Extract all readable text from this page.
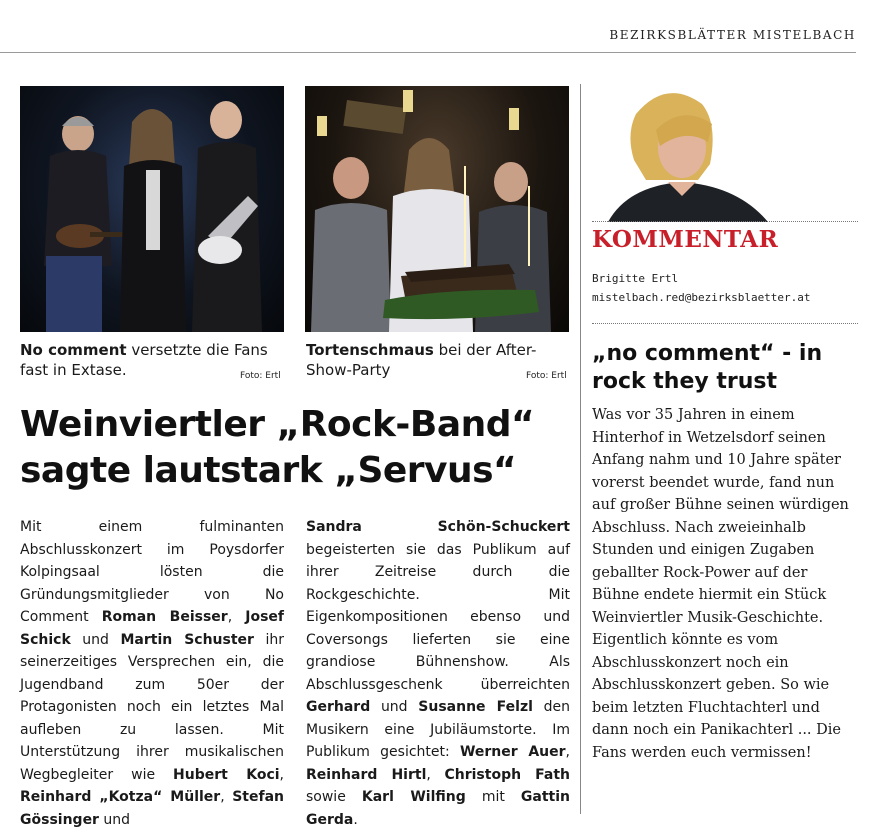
BEZIRKSBLÄTTER MISTELBACH
No comment versetzte die Fans fast in Extase.	Foto: Ertl
Tortenschmaus bei der After-Show-Party	Foto: Ertl
Weinviertler „Rock-Band“ sagte lautstark „Servus“
Mit einem fulminanten Abschlusskonzert im Poysdorfer Kolpingsaal lösten die Gründungsmitglieder von No Comment Roman Beisser, Josef Schick und Martin Schuster ihr seinerzeitiges Versprechen ein, die Jugendband zum 50er der Protagonisten noch ein letztes Mal aufleben zu lassen. Mit Unterstützung ihrer musikalischen Wegbegleiter wie Hubert Koci, Reinhard „Kotza“ Müller, Stefan Gössinger und
Sandra Schön-Schuckert begeisterten sie das Publikum auf ihrer Zeitreise durch die Rockgeschichte. Mit Eigenkompositionen ebenso und Coversongs lieferten sie eine grandiose Bühnenshow. Als Abschlussgeschenk überreichten Gerhard und Susanne Felzl den Musikern eine Jubiläumstorte. Im Publikum gesichtet: Werner Auer, Reinhard Hirtl, Christoph Fath sowie Karl Wilfing mit Gattin Gerda.
KOMMENTAR
Brigitte Ertl
mistelbach.red@bezirksblaetter.at
„no comment“ - in rock they trust
Was vor 35 Jahren in einem Hinterhof in Wetzelsdorf seinen Anfang nahm und 10 Jahre später vorerst beendet wurde, fand nun auf großer Bühne seinen würdigen Abschluss. Nach zweieinhalb Stunden und einigen Zugaben geballter Rock-Power auf der Bühne endete hiermit ein Stück Weinviertler Musik-Geschichte. Eigentlich könnte es vom Abschlusskonzert noch ein Abschlusskonzert geben. So wie beim letzten Fluchtachterl und dann noch ein Panikachterl ... Die Fans werden euch vermissen!
